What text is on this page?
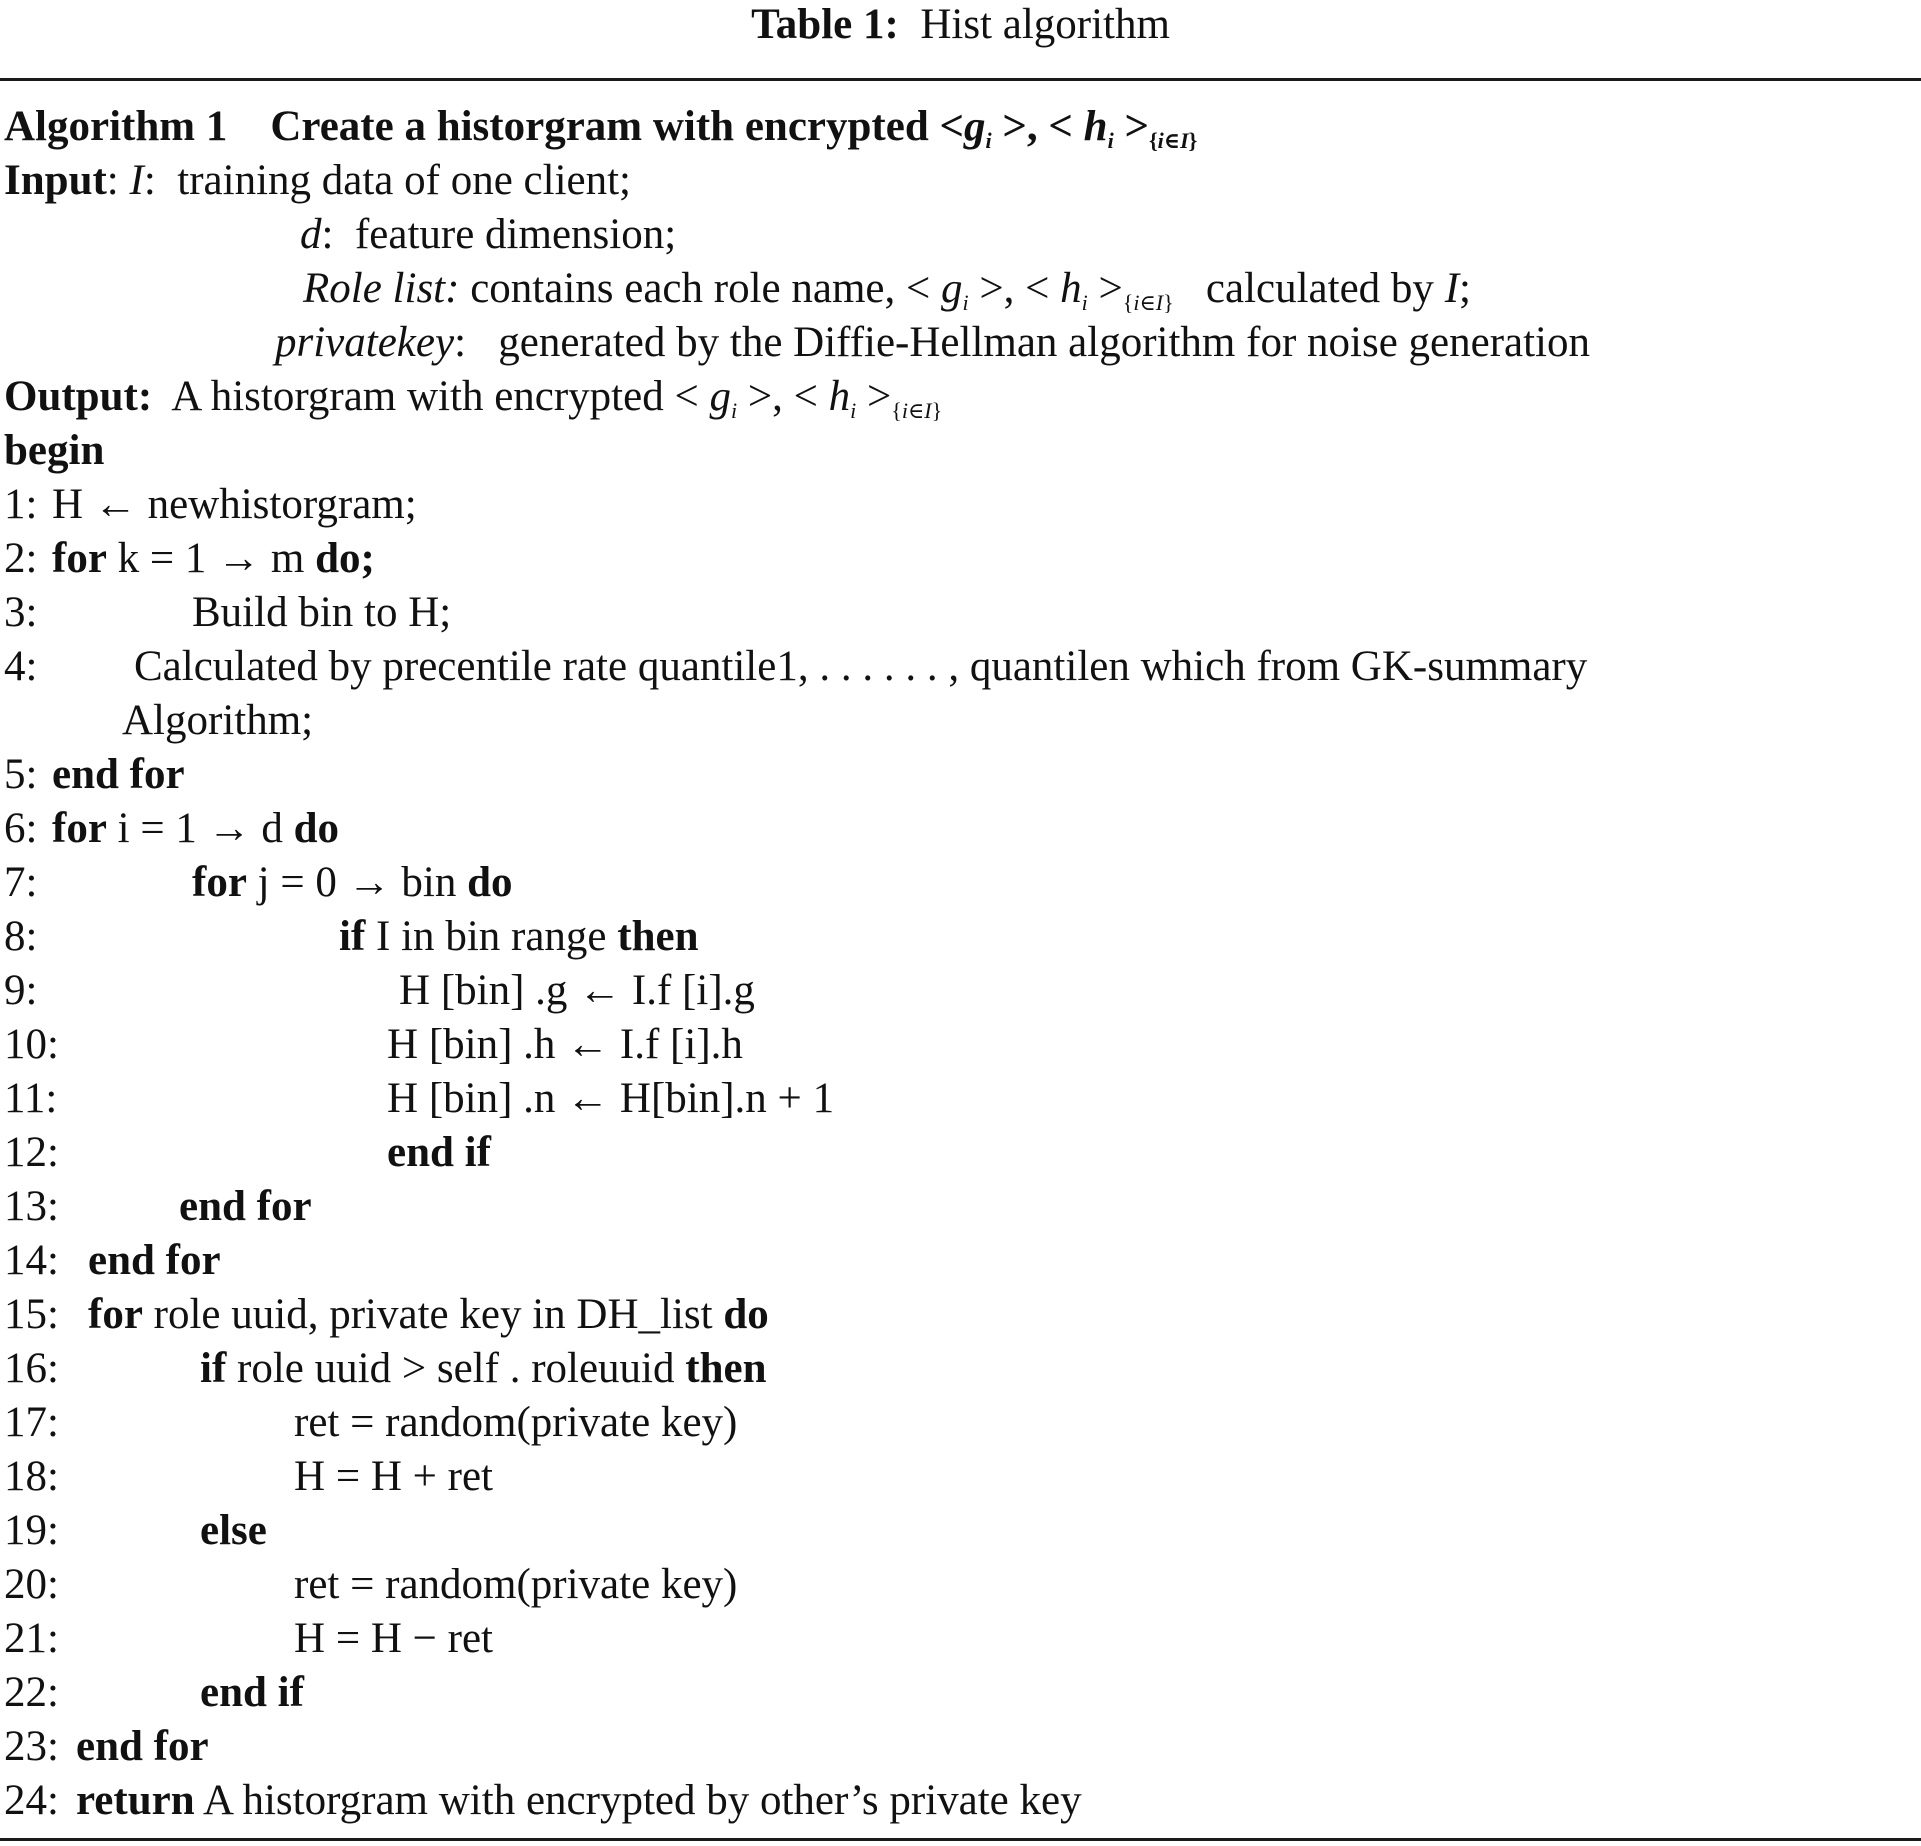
Table 1: Hist algorithm
Algorithm 1 Create a historgram with encrypted $<g_i$ >, < $h_i >_{\{i\in I\}}$
Input: I:  training data of one client;
d:  feature dimension;
Role list: contains each role name, < $g_i$ >, < $h_i >_{\{i\in I\}}$ calculated by I;
privatekey:   generated by the Diffie-Hellman algorithm for noise generation
Output: A historgram with encrypted < $g_i$ >, < $h_i >_{\{i\in I\}}$
begin
1: H ← newhistorgram;
2: for k = 1 → m do;
3:	Build bin to H;
4: Calculated by precentile rate quantile1, . . . . . . , quantilen which from GK-summary
Algorithm;
5: end for
6: for i = 1 → d do
7:	for j = 0 → bin do
8:	if I in bin range then
9:	H [bin] .g ← I.f [i].g
10:	H [bin] .h ← I.f [i].h
11:	H [bin] .n ← H[bin].n + 1
12:	end if
13:	end for
14: end for
15: for role uuid, private key in DH_list do
16:	if role uuid > self . roleuuid then
17:	ret = random(private key)
18:	H = H + ret
19:	else
20:	ret = random(private key)
21:	H = H − ret
22:	end if
23: end for
24: return A historgram with encrypted by other’s private key
